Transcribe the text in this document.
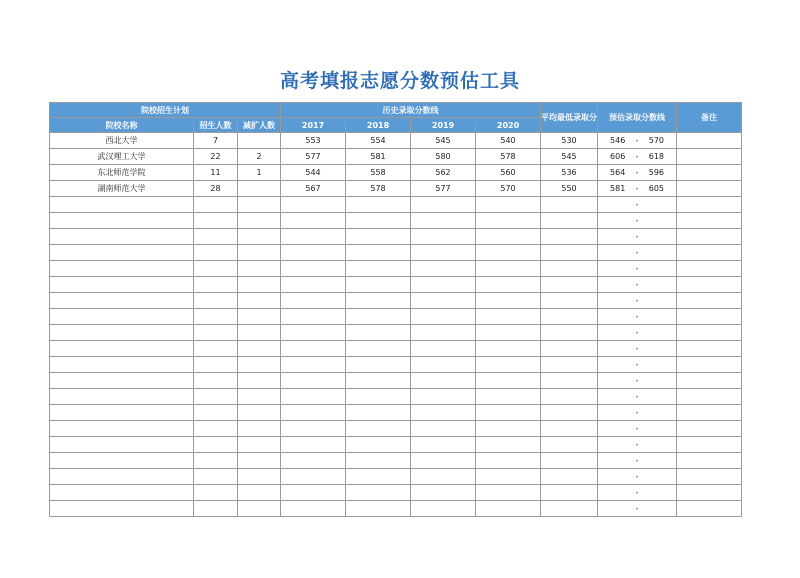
高考填报志愿分数预估工具
院校招生计划			历史录取分数线				平均最低录取分	预估录取分数线	备注
院校名称	招生人数	减扩人数	2017	2018	2019	2020			
西北大学	7		553	554	545	540	530	546 - 570	

武汉理工大学	22	2	577	581	580	578	545	606 - 618	

东北师范学院	11	1	544	558	562	560	536	564 - 596	

湖南师范大学	28		567	578	577	570	550	581 - 605	

								-	

								-	

								-	

								-	

								-	

								-	

								-	

								-	

								-	

								-	

								-	

								-	

								-	

								-	

								-	

								-	

								-	

								-	

								-	

								-	
